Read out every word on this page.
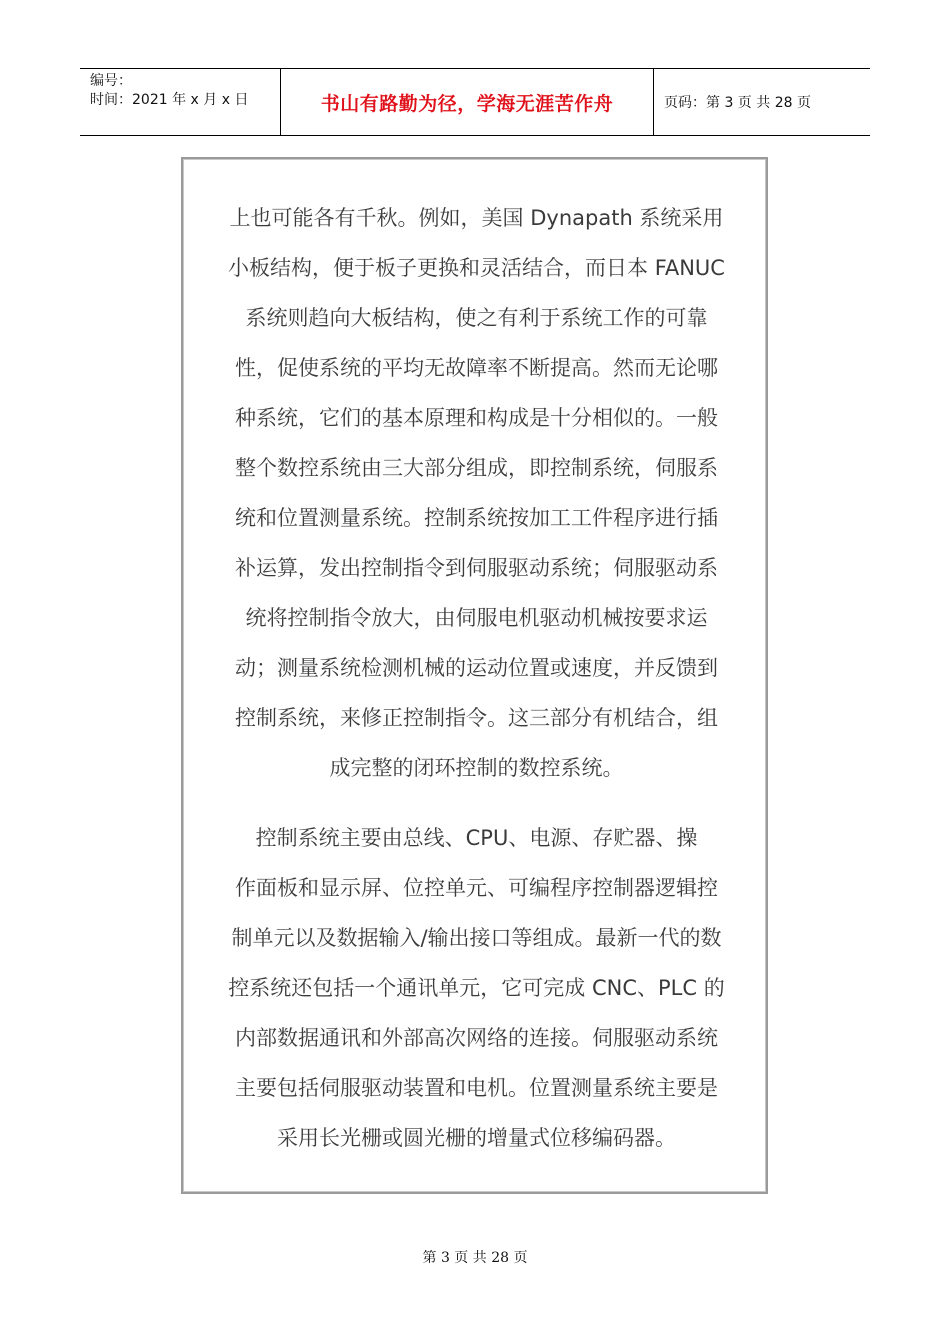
编号：
时间：2021 年 x 月 x 日	书山有路勤为径，学海无涯苦作舟	页码：第 3 页 共 28 页
上也可能各有千秋。例如，美国 Dynapath 系统采用
小板结构，便于板子更换和灵活结合，而日本 FANUC
系统则趋向大板结构，使之有利于系统工作的可靠
性，促使系统的平均无故障率不断提高。然而无论哪
种系统，它们的基本原理和构成是十分相似的。一般
整个数控系统由三大部分组成，即控制系统，伺服系
统和位置测量系统。控制系统按加工工件程序进行插
补运算，发出控制指令到伺服驱动系统；伺服驱动系
统将控制指令放大，由伺服电机驱动机械按要求运
动；测量系统检测机械的运动位置或速度，并反馈到
控制系统，来修正控制指令。这三部分有机结合，组
成完整的闭环控制的数控系统。
控制系统主要由总线、CPU、电源、存贮器、操
作面板和显示屏、位控单元、可编程序控制器逻辑控
制单元以及数据输入/输出接口等组成。最新一代的数
控系统还包括一个通讯单元，它可完成 CNC、PLC 的
内部数据通讯和外部高次网络的连接。伺服驱动系统
主要包括伺服驱动装置和电机。位置测量系统主要是
采用长光栅或圆光栅的增量式位移编码器。
第 3 页 共 28 页
